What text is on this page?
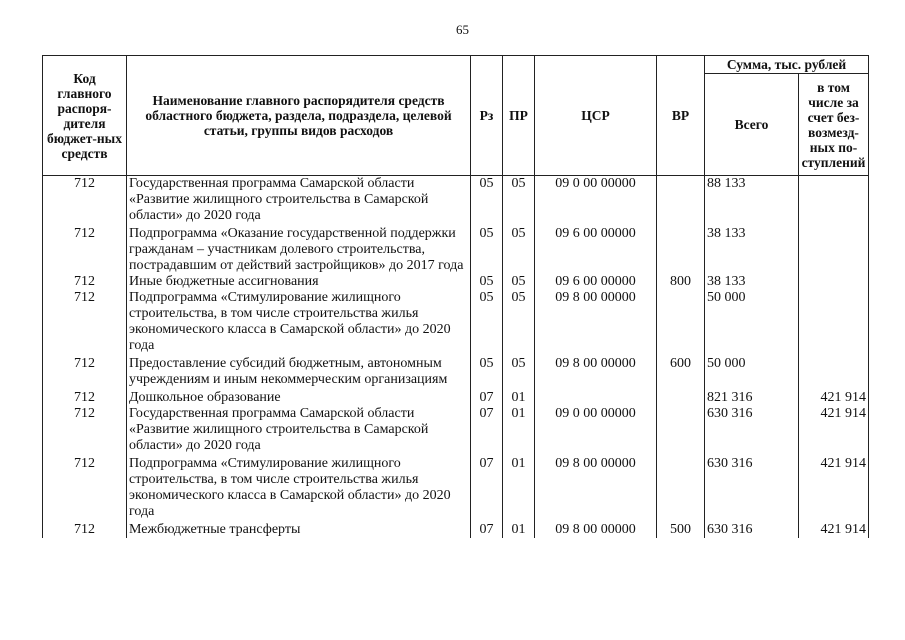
65
Код главного распоря-дителя бюджет-ных средств	Наименование главного распорядителя средств областного бюджета, раздела, подраздела, целевой статьи, группы видов расходов	Рз	ПР	ЦСР	ВР	Сумма, тыс. рублей	
						Всего	в том числе за счет без-возмезд-ных по-ступлений
712	Государственная программа Самарской области «Развитие жилищного строительства в Самарской области» до 2020 года	05	05	09 0 00 00000		88 133	
712	Подпрограмма «Оказание государственной поддержки гражданам – участникам долевого строительства, пострадавшим от действий застройщиков» до 2017 года	05	05	09 6 00 00000		38 133	
712	Иные бюджетные ассигнования	05	05	09 6 00 00000	800	38 133	
712	Подпрограмма «Стимулирование жилищного строительства, в том числе строительства жилья экономического класса в Самарской области» до 2020 года	05	05	09 8 00 00000		50 000	
712	Предоставление субсидий бюджетным, автономным учреждениям и иным некоммерческим организациям	05	05	09 8 00 00000	600	50 000	
712	Дошкольное образование	07	01			821 316	421 914
712	Государственная программа Самарской области «Развитие жилищного строительства в Самарской области» до 2020 года	07	01	09 0 00 00000		630 316	421 914
712	Подпрограмма «Стимулирование жилищного строительства, в том числе строительства жилья экономического класса в Самарской области» до 2020 года	07	01	09 8 00 00000		630 316	421 914
712	Межбюджетные трансферты	07	01	09 8 00 00000	500	630 316	421 914
